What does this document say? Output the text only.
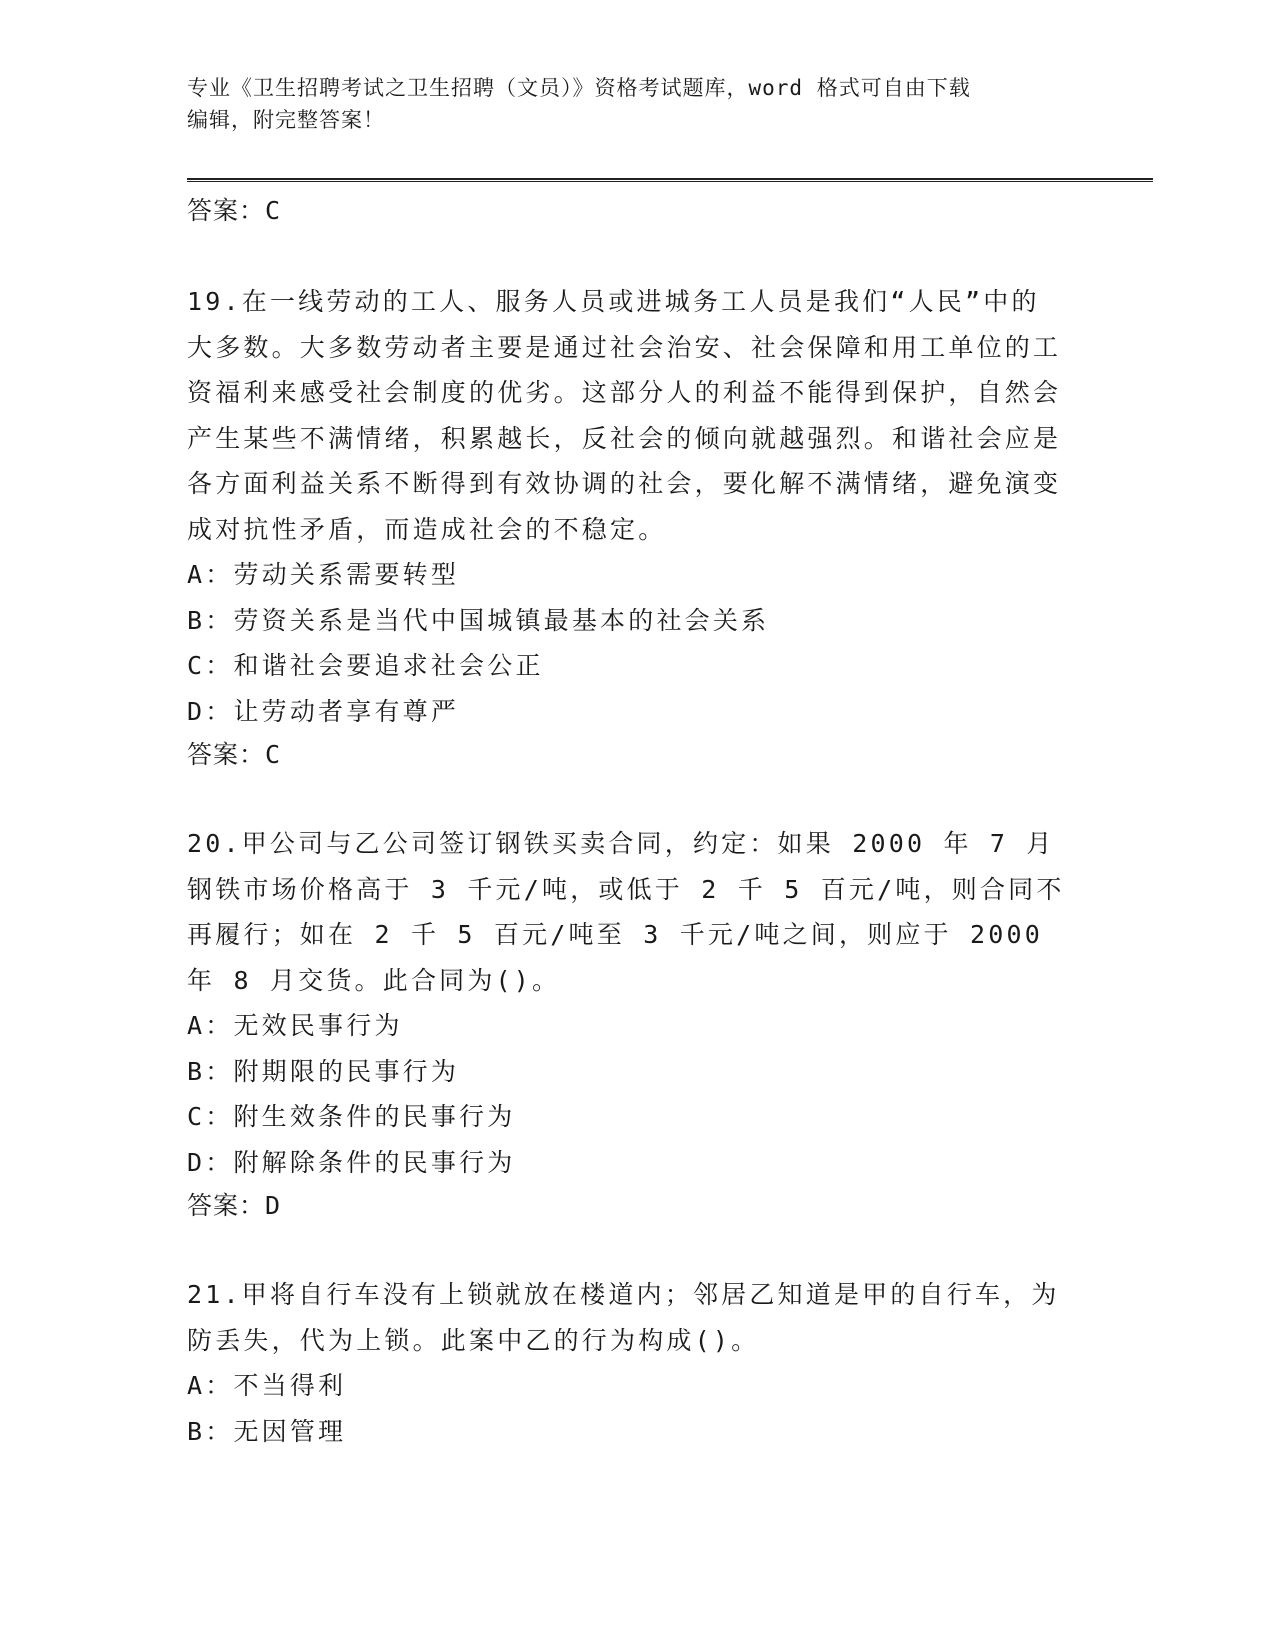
专业《卫生招聘考试之卫生招聘（文员）》资格考试题库，word 格式可自由下载
编辑，附完整答案！
答案：C
19.在一线劳动的工人、服务人员或进城务工人员是我们“人民”中的大多数。大多数劳动者主要是通过社会治安、社会保障和用工单位的工资福利来感受社会制度的优劣。这部分人的利益不能得到保护，自然会产生某些不满情绪，积累越长，反社会的倾向就越强烈。和谐社会应是各方面利益关系不断得到有效协调的社会，要化解不满情绪，避免演变成对抗性矛盾，而造成社会的不稳定。
A：劳动关系需要转型
B：劳资关系是当代中国城镇最基本的社会关系
C：和谐社会要追求社会公正
D：让劳动者享有尊严
答案：C
20.甲公司与乙公司签订钢铁买卖合同，约定：如果 2000 年 7 月钢铁市场价格高于 3 千元/吨，或低于 2 千 5 百元/吨，则合同不再履行；如在 2 千 5 百元/吨至 3 千元/吨之间，则应于 2000 年 8 月交货。此合同为()。
A：无效民事行为
B：附期限的民事行为
C：附生效条件的民事行为
D：附解除条件的民事行为
答案：D
21.甲将自行车没有上锁就放在楼道内；邻居乙知道是甲的自行车，为防丢失，代为上锁。此案中乙的行为构成()。
A：不当得利
B：无因管理
